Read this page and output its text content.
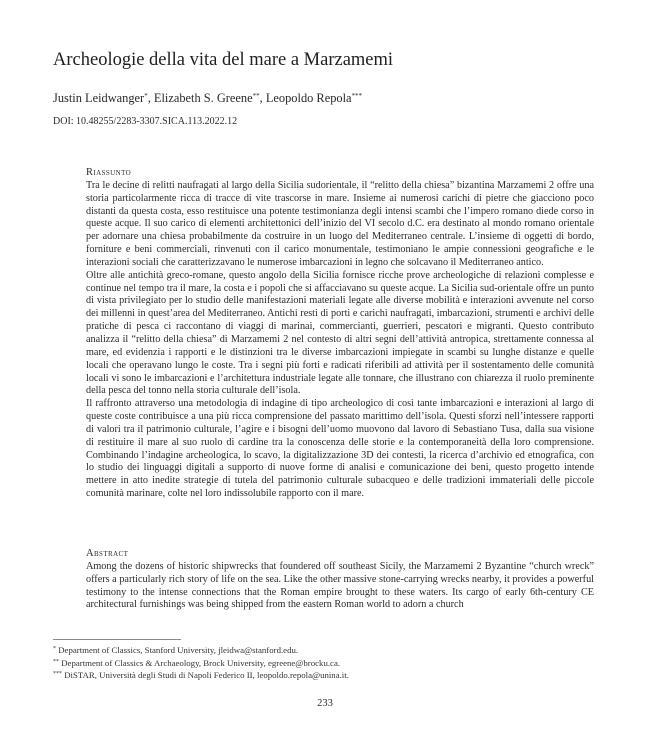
Archeologie della vita del mare a Marzamemi
Justin Leidwanger*, Elizabeth S. Greene**, Leopoldo Repola***
DOI: 10.48255/2283-3307.SICA.113.2022.12

Riassunto

Tra le decine di relitti naufragati al largo della Sicilia sudorientale, il “relitto della chiesa” bizantina Marzamemi 2 offre una storia particolarmente ricca di tracce di vite trascorse in mare. Insieme ai numerosi carichi di pietre che giacciono poco distanti da questa costa, esso restituisce una potente testimonianza degli intensi scambi che l’impero romano diede corso in queste acque. Il suo carico di elementi architettonici dell’inizio del VI secolo d.C. era destinato al mondo romano orientale per adornare una chiesa probabilmente da costruire in un luogo del Mediterraneo centrale. L’insieme di oggetti di bordo, forniture e beni commerciali, rinvenuti con il carico monumentale, testimoniano le ampie connessioni geografiche e le interazioni sociali che caratterizzavano le numerose imbarcazioni in legno che solcavano il Mediterraneo antico.

Oltre alle antichità greco-romane, questo angolo della Sicilia fornisce ricche prove archeologiche di relazioni complesse e continue nel tempo tra il mare, la costa e i popoli che si affacciavano su queste acque. La Sicilia sud-orientale offre un punto di vista privilegiato per lo studio delle manifestazioni materiali legate alle diverse mobilità e interazioni avvenute nel corso dei millenni in quest’area del Mediterraneo. Antichi resti di porti e carichi naufragati, imbarcazioni, strumenti e archivi delle pratiche di pesca ci raccontano di viaggi di marinai, commercianti, guerrieri, pescatori e migranti. Questo contributo analizza il “relitto della chiesa” di Marzamemi 2 nel contesto di altri segni dell’attività antropica, strettamente connessa al mare, ed evidenzia i rapporti e le distinzioni tra le diverse imbarcazioni impiegate in scambi su lunghe distanze e quelle locali che operavano lungo le coste. Tra i segni più forti e radicati riferibili ad attività per il sostentamento delle comunità locali vi sono le imbarcazioni e l’architettura industriale legate alle tonnare, che illustrano con chiarezza il ruolo preminente della pesca del tonno nella storia culturale dell’isola.

Il raffronto attraverso una metodologia di indagine di tipo archeologico di così tante imbarcazioni e interazioni al largo di queste coste contribuisce a una più ricca comprensione del passato marittimo dell’isola. Questi sforzi nell’intessere rapporti di valori tra il patrimonio culturale, l’agire e i bisogni dell’uomo muovono dal lavoro di Sebastiano Tusa, dalla sua visione di restituire il mare al suo ruolo di cardine tra la conoscenza delle storie e la contemporaneità della loro comprensione. Combinando l’indagine archeologica, lo scavo, la digitalizzazione 3D dei contesti, la ricerca d’archivio ed etnografica, con lo studio dei linguaggi digitali a supporto di nuove forme di analisi e comunicazione dei beni, questo progetto intende mettere in atto inedite strategie di tutela del patrimonio culturale subacqueo e delle tradizioni immateriali delle piccole comunità marinare, colte nel loro indissolubile rapporto con il mare.

Abstract

Among the dozens of historic shipwrecks that foundered off southeast Sicily, the Marzamemi 2 Byzantine “church wreck” offers a particularly rich story of life on the sea. Like the other massive stone-carrying wrecks nearby, it provides a powerful testimony to the intense connections that the Roman empire brought to these waters. Its cargo of early 6th-century CE architectural furnishings was being shipped from the eastern Roman world to adorn a church

* Department of Classics, Stanford University, jleidwa@stanford.edu.

** Department of Classics & Archaeology, Brock University, egreene@brocku.ca.

*** DiSTAR, Università degli Studi di Napoli Federico II, leopoldo.repola@unina.it.

233
